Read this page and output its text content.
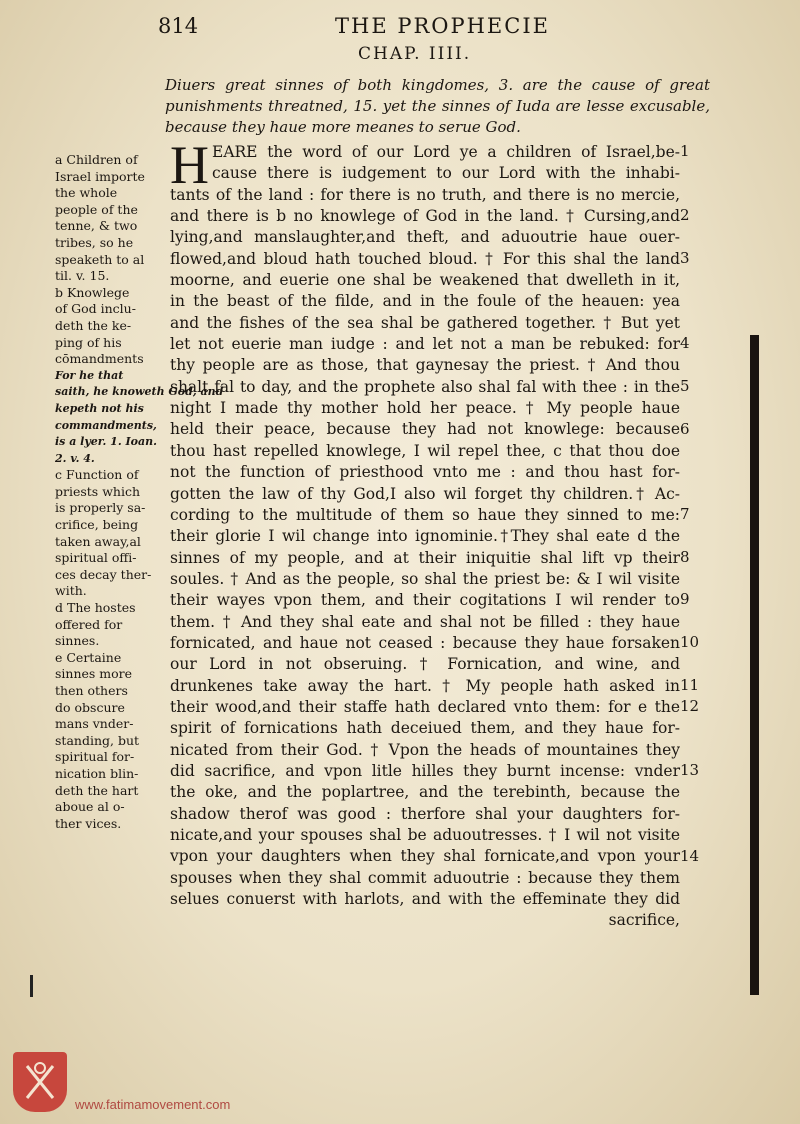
814	THE PROPHECIE
CHAP. IIII.
Diuers great sinnes of both kingdomes, 3. are the cause of great punishments threatned, 15. yet the sinnes of Iuda are lesse excusable, because they haue more meanes to serue God.
H EARE the word of our Lord ye a children of Israel,be-
cause there is iudgement to our Lord with the inhabi-
tants of the land : for there is no truth, and there is no mercie,
and there is b no knowlege of God in the land. † Cursing,and
lying,and manslaughter,and theft, and aduoutrie haue ouer-
flowed,and bloud hath touched bloud. † For this shal the land
moorne, and euerie one shal be weakened that dwelleth in it,
in the beast of the filde, and in the foule of the heauen: yea
and the fishes of the sea shal be gathered together. † But yet
let not euerie man iudge : and let not a man be rebuked: for
thy people are as those, that gaynesay the priest. † And thou
shalt fal to day, and the prophete also shal fal with thee : in the
night I made thy mother hold her peace. † My people haue
held their peace, because they had not knowlege: because
thou hast repelled knowlege, I wil repel thee, c that thou doe
not the function of priesthood vnto me : and thou hast for-
gotten the law of thy God,I also wil forget thy children.† Ac-
cording to the multitude of them so haue they sinned to me:
their glorie I wil change into ignominie.†They shal eate d the
sinnes of my people, and at their iniquitie shal lift vp their
soules. † And as the people, so shal the priest be: & I wil visite
their wayes vpon them, and their cogitations I wil render to
them. † And they shal eate and shal not be filled : they haue
fornicated, and haue not ceased : because they haue forsaken
our Lord in not obseruing. † Fornication, and wine, and
drunkenes take away the hart. † My people hath asked in
their wood,and their staffe hath declared vnto them: for e the
spirit of fornications hath deceiued them, and they haue for-
nicated from their God. † Vpon the heads of mountaines they
did sacrifice, and vpon litle hilles they burnt incense: vnder
the oke, and the poplartree, and the terebinth, because the
shadow therof was good : therfore shal your daughters for-
nicate,and your spouses shal be aduoutresses. † I wil not visite
vpon your daughters when they shal fornicate,and vpon your
spouses when they shal commit aduoutrie : because they them
selues conuerst with harlots, and with the effeminate they did
sacrifice,
1
2
3
4
5
6
7
8
9
10
11
12
13
14
a Children of
Israel importe
the whole
people of the
tenne, & two
tribes, so he
speaketh to al
til. v. 15.
b Knowlege
of God inclu-
deth the ke-
ping of his
cōmandments
For he that
saith, he knoweth God, and
kepeth not his
commandments,
is a lyer. 1. Ioan.
2. v. 4.
c Function of
priests which
is properly sa-
crifice, being
taken away,al
spiritual offi-
ces decay ther-
with.
d The hostes
offered for
sinnes.
e Certaine
sinnes more
then others
do obscure
mans vnder-
standing, but
spiritual for-
nication blin-
deth the hart
aboue al o-
ther vices.
www.fatimamovement.com
